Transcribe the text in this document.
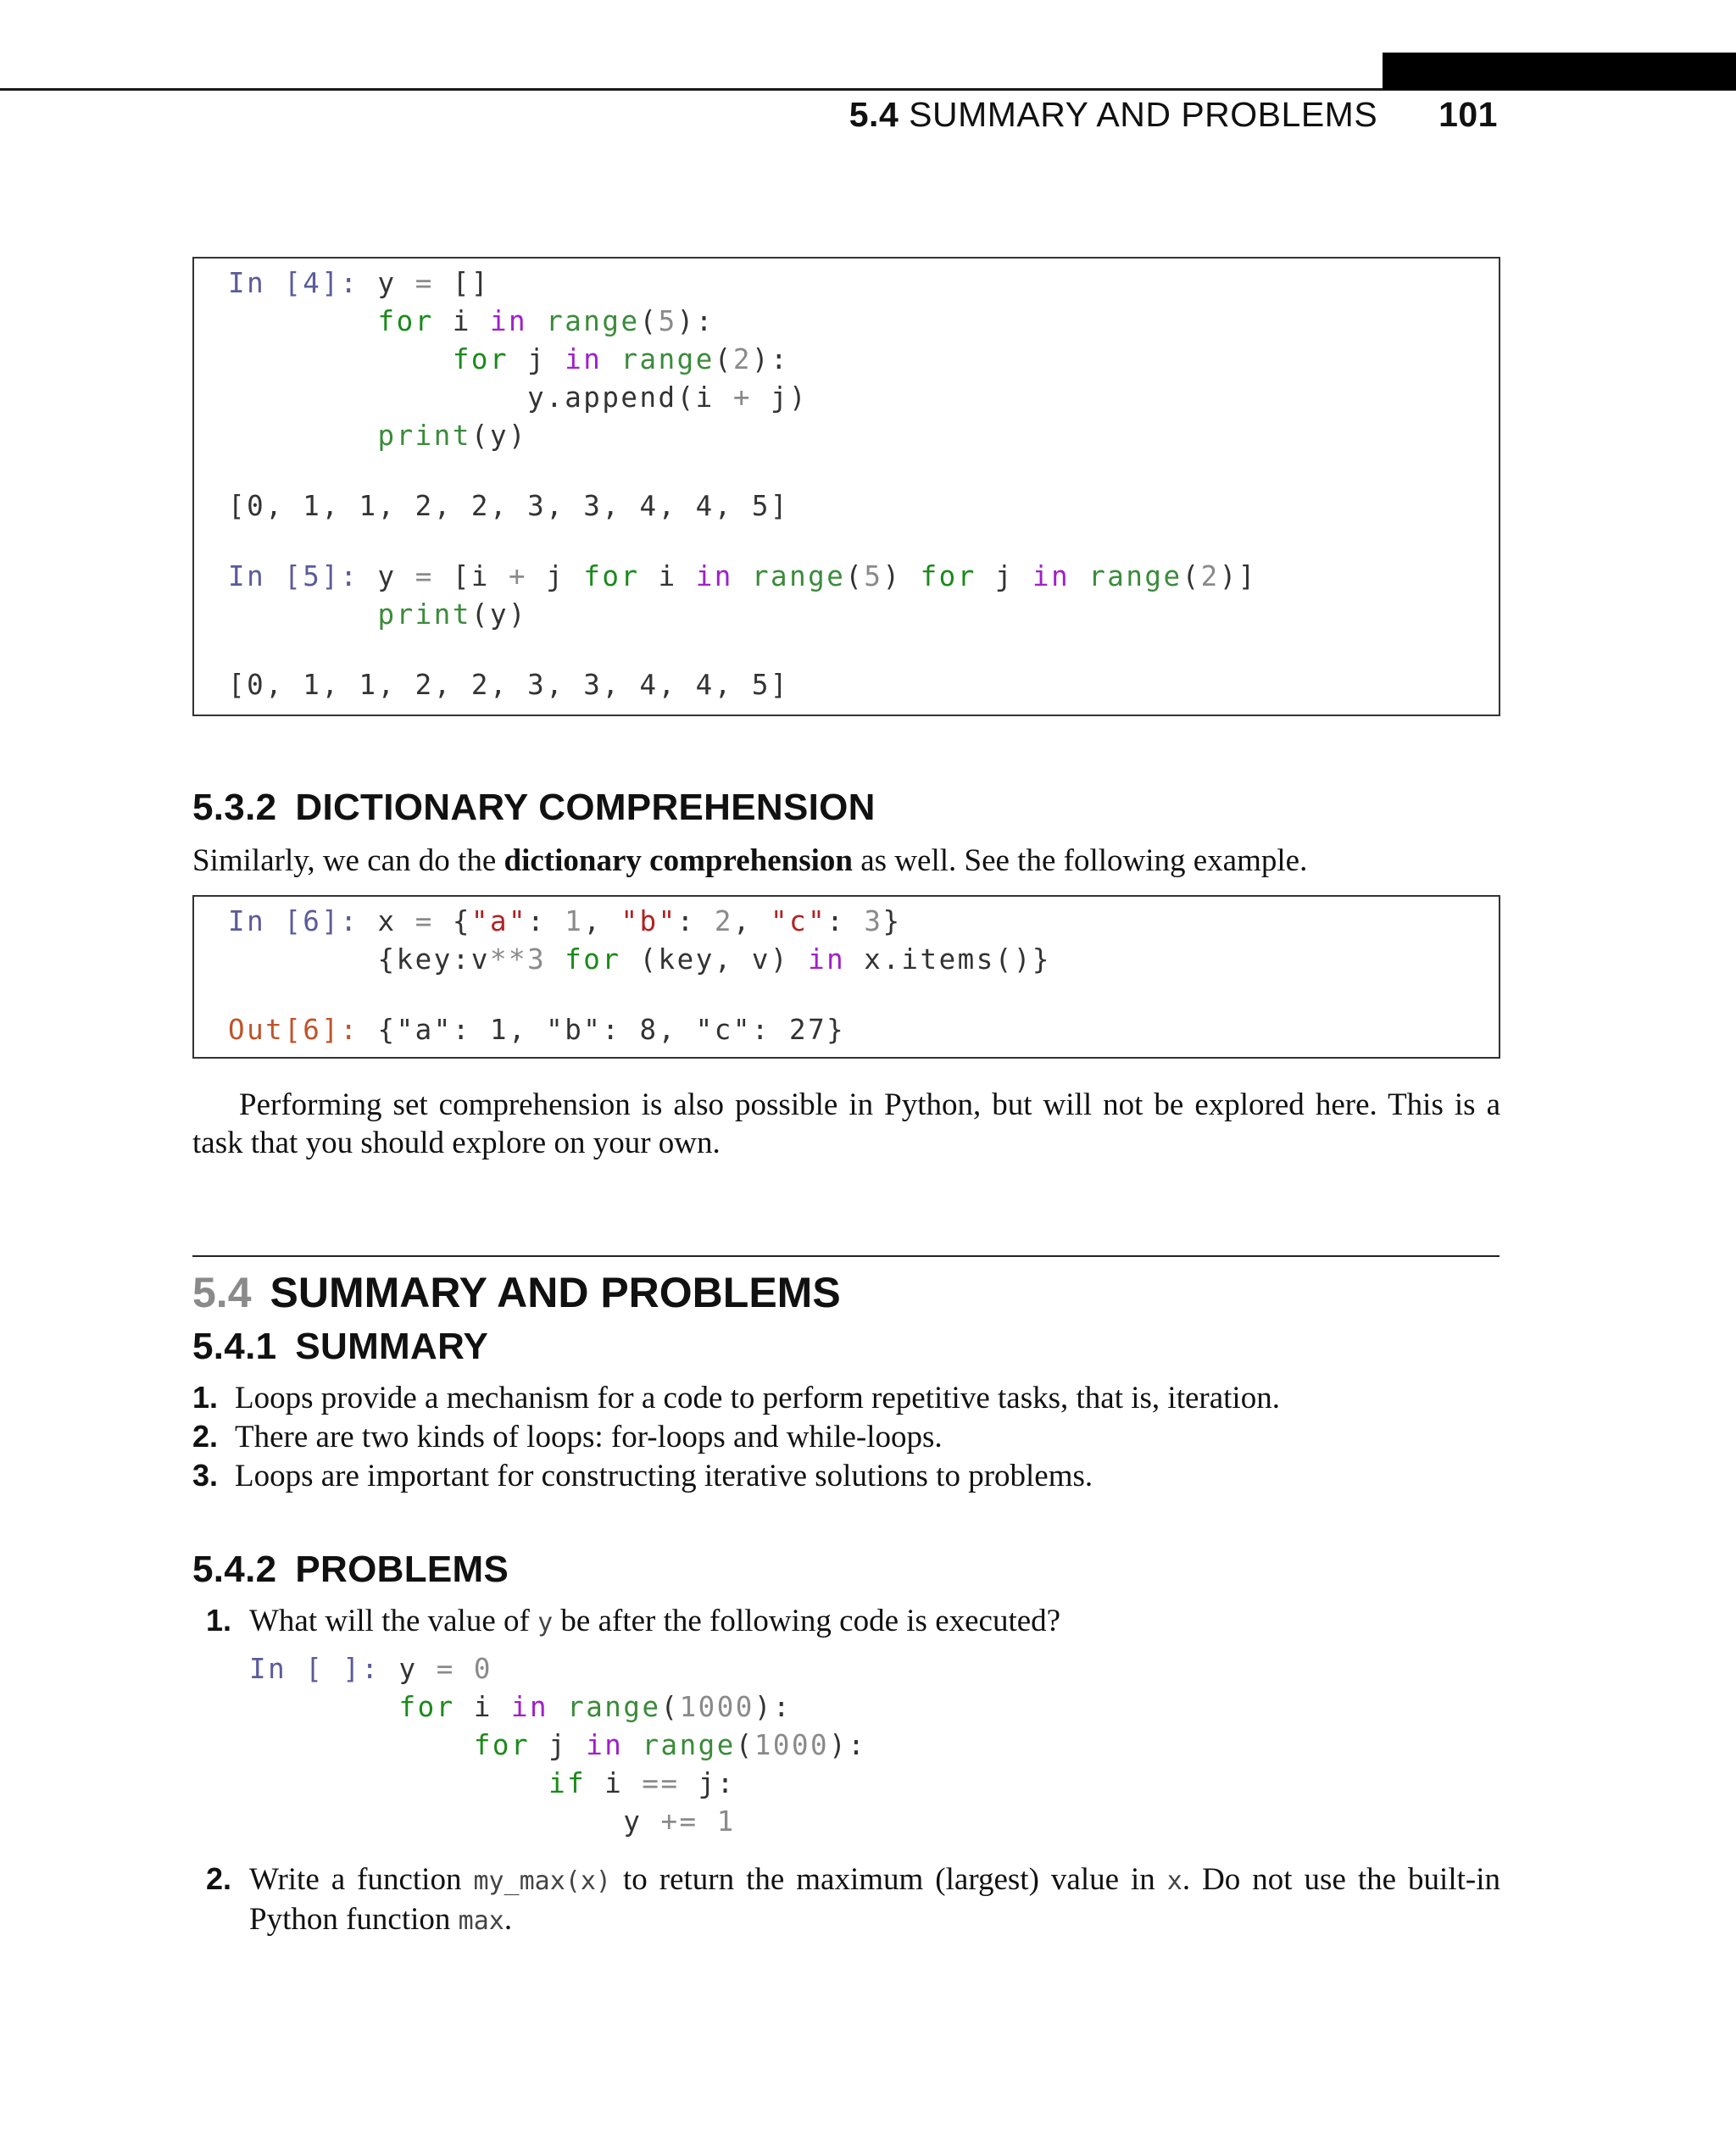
5.4 SUMMARY AND PROBLEMS 101
In [4]: y = []
for i in range(5):
for j in range(2):
y.append(i + j)
print(y)
[0, 1, 1, 2, 2, 3, 3, 4, 4, 5]
In [5]: y = [i + j for i in range(5) for j in range(2)]
print(y)
[0, 1, 1, 2, 2, 3, 3, 4, 4, 5]
5.3.2 DICTIONARY COMPREHENSION
Similarly, we can do the dictionary comprehension as well. See the following example.
In [6]: x = {"a": 1, "b": 2, "c": 3}
{key:v**3 for (key, v) in x.items()}
Out[6]: {"a": 1, "b": 8, "c": 27}
Performing set comprehension is also possible in Python, but will not be explored here. This is a
task that you should explore on your own.
5.4 SUMMARY AND PROBLEMS
5.4.1 SUMMARY
1. Loops provide a mechanism for a code to perform repetitive tasks, that is, iteration.
2. There are two kinds of loops: for-loops and while-loops.
3. Loops are important for constructing iterative solutions to problems.
5.4.2 PROBLEMS
1. What will the value of y be after the following code is executed?
In [ ]: y = 0
for i in range(1000):
for j in range(1000):
if i == j:
y += 1
2. Write a function my_max(x) to return the maximum (largest) value in x. Do not use the built-in
Python function max.
